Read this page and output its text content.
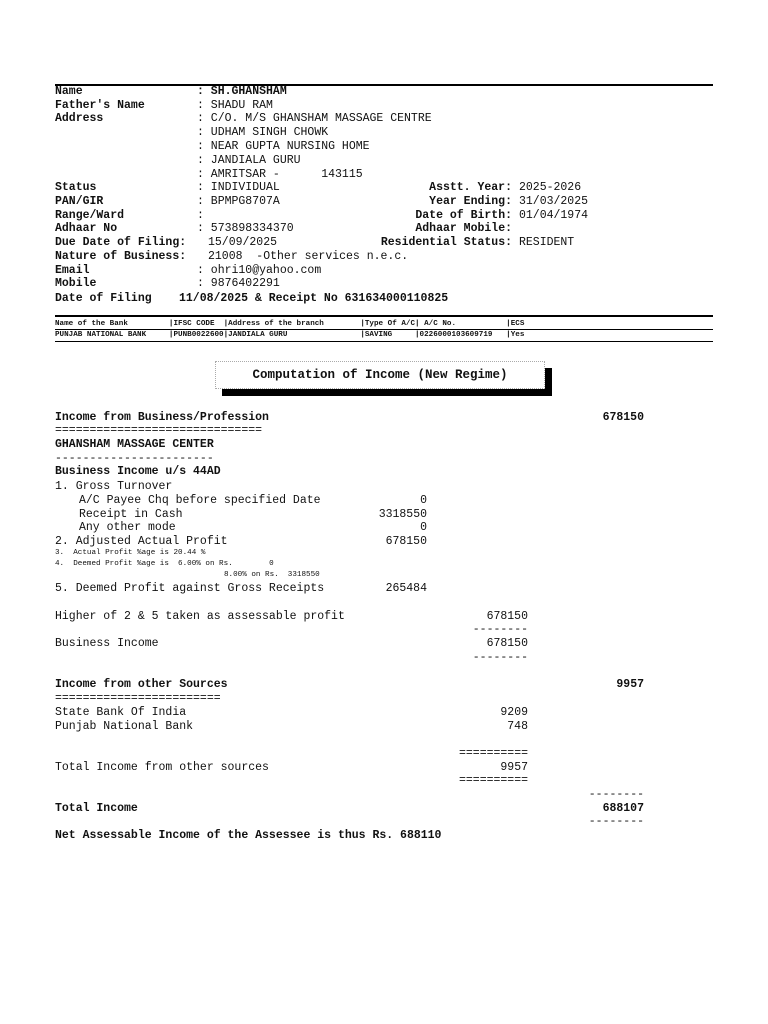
Name	: SH.GHANSHAM
Father's Name	: SHADU RAM
Address	: C/O. M/S GHANSHAM MASSAGE CENTRE
: UDHAM SINGH CHOWK
: NEAR GUPTA NURSING HOME
: JANDIALA GURU
: AMRITSAR -      143115
Status	: INDIVIDUAL	Asstt. Year: 2025-2026
PAN/GIR	: BPMPG8707A	Year Ending: 31/03/2025
Range/Ward	:	Date of Birth: 01/04/1974
Adhaar No	: 573898334370	Adhaar Mobile:
Due Date of Filing: 15/09/2025	Residential Status: RESIDENT
Nature of Business: 21008  -Other services n.e.c.
Email	: ohri10@yahoo.com
Mobile	: 9876402291
Date of Filing 11/08/2025 & Receipt No 631634000110825
Name of the Bank         |IFSC CODE  |Address of the branch        |Type Of A/C| A/C No.           |ECS
PUNJAB NATIONAL BANK     |PUNB0022600|JANDIALA GURU                |SAVING     |0226000103609719   |Yes
Computation of Income (New Regime)
Income from Business/Profession	678150
==============================
GHANSHAM MASSAGE CENTER
-----------------------
Business Income u/s 44AD
1. Gross Turnover
A/C Payee Chq before specified Date	0
Receipt in Cash	3318550
Any other mode	0
2. Adjusted Actual Profit	678150
3.  Actual Profit %age is 20.44 %
4.  Deemed Profit %age is  6.00% on Rs.        0
8.00% on Rs.  3318550
5. Deemed Profit against Gross Receipts	265484
Higher of 2 & 5 taken as assessable profit	678150
--------
Business Income	678150
--------
Income from other Sources	9957
========================
State Bank Of India	9209
Punjab National Bank	748
==========
Total Income from other sources	9957
==========
--------
Total Income	688107
--------
Net Assessable Income of the Assessee is thus Rs. 688110
